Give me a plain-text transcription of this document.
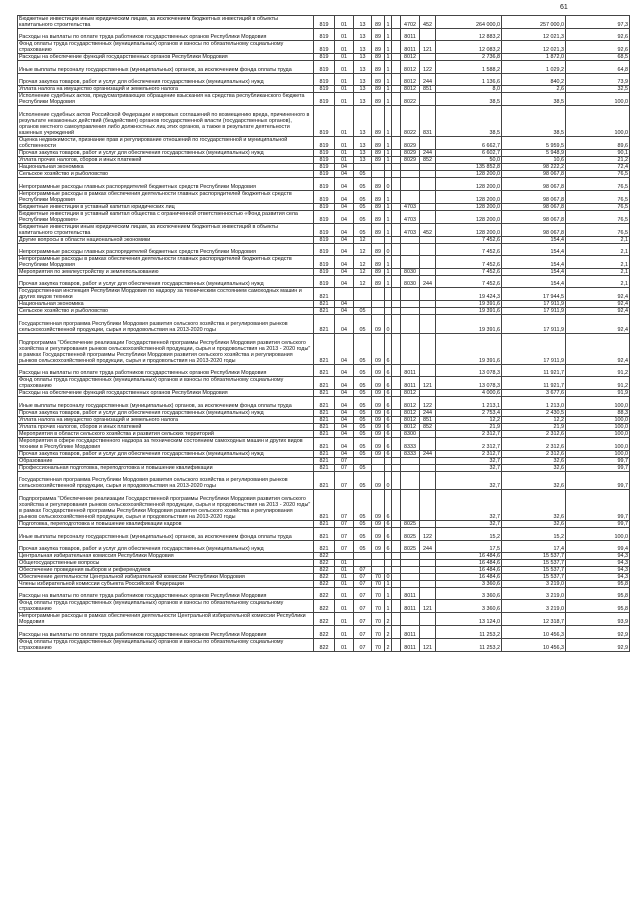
61
Бюджетные инвестиции иным юридическим лицам, за исключением бюджетных инвестиций в объекты капитального строительства	819	01	13	89	1		4702	452	264 000,0	257 000,0	97,3
Расходы на выплаты по оплате труда работников государственных органов Республики Мордовия	819	01	13	89	1		8011		12 883,2	12 021,3	92,6
Фонд оплаты труда государственных (муниципальных) органов и взносы по обязательному социальному страхованию	819	01	13	89	1		8011	121	12 083,2	12 021,3	92,6
Расходы на обеспечение функций государственных органов Республики Мордовия	819	01	13	89	1		8012		2 736,8	1 872,0	68,5
Иные выплаты персоналу государственных (муниципальных) органов, за исключением фонда оплаты труда	819	01	13	89	1		8012	122	1 588,2	1 029,2	64,8
Прочая закупка товаров, работ и услуг для обеспечения государственных (муниципальных) нужд	819	01	13	89	1		8012	244	1 136,6	840,2	73,9
Уплата налога на имущество организаций и земельного налога	819	01	13	89	1		8012	851	8,0	2,6	32,5
Исполнение судебных актов, предусматривающих обращение взыскания на средства республиканского бюджета Республики Мордовия	819	01	13	89	1		8022		38,5	38,5	100,0
Исполнение судебных актов Российской Федерации и мировых соглашений по возмещению вреда, причиненного в результате незаконных действий (бездействия) органов государственной власти (государственных органов), органов местного самоуправления либо должностных лиц этих органов, а также в результате деятельности казенных учреждений	819	01	13	89	1		8022	831	38,5	38,5	100,0
Оценка недвижимости, признание прав и регулирование отношений по государственной и муниципальной собственности	819	01	13	89	1		8029		6 662,7	5 959,5	89,6
Прочая закупка товаров, работ и услуг для обеспечения государственных (муниципальных) нужд	819	01	13	89	1		8029	244	6 602,7	5 948,9	90,1
Уплата прочих налогов, сборов и иных платежей	819	01	13	89	1		8029	852	50,0	10,6	21,2
Национальная экономика	819	04							135 852,8	98 222,2	72,4
Сельское хозяйство и рыболовство	819	04	05						128 200,0	98 067,8	76,5
Непрограммные расходы главных распорядителей бюджетных средств Республики Мордовия	819	04	05	89	0				128 200,0	98 067,8	76,5
Непрограммные расходы в рамках обеспечения деятельности главных распорядителей бюджетных средств Республики Мордовия	819	04	05	89	1				128 200,0	98 067,8	76,5
Бюджетные инвестиции в уставный капитал юридических лиц	819	04	05	89	1		4703		128 200,0	98 067,8	76,5
Бюджетные инвестиции в уставный капитал общества с ограниченной ответственностью «Фонд развития села Республики Мордовия»	819	04	05	89	1		4703		128 200,0	98 067,8	76,5
Бюджетные инвестиции иным юридическим лицам, за исключением бюджетных инвестиций в объекты капитального строительства	819	04	05	89	1		4703	452	128 200,0	98 067,8	76,5
Другие вопросы в области национальной экономики	819	04	12						7 452,6	154,4	2,1
Непрограммные расходы главных распорядителей бюджетных средств Республики Мордовия	819	04	12	89	0				7 452,6	154,4	2,1
Непрограммные расходы в рамках обеспечения деятельности главных распорядителей бюджетных средств Республики Мордовия	819	04	12	89	1				7 452,6	154,4	2,1
Мероприятия по землеустройству и землепользованию	819	04	12	89	1		8030		7 452,6	154,4	2,1
Прочая закупка товаров, работ и услуг для обеспечения государственных (муниципальных) нужд	819	04	12	89	1		8030	244	7 452,6	154,4	2,1
Государственная инспекция Республики Мордовия по надзору за техническим состоянием самоходных машин и других видов техники	821								19 424,3	17 944,5	92,4
Национальная экономика	821	04							19 391,6	17 911,9	92,4
Сельское хозяйство и рыболовство	821	04	05						19 391,6	17 911,9	92,4
Государственная программа Республики Мордовия развития сельского хозяйства и регулирования рынков сельскохозяйственной продукции, сырья и продовольствия на 2013-2020 годы	821	04	05	09	0				19 391,6	17 911,9	92,4
Подпрограмма "Обеспечение реализации Государственной программы Республики Мордовия развития сельского хозяйства и регулирования рынков сельскохозяйственной продукции, сырья и продовольствия на 2013 - 2020 годы" в рамках Государственной программы Республики Мордовия развития сельского хозяйства и регулирования рынков сельскохозяйственной продукции, сырья и продовольствия на 2013-2020 годы	821	04	05	09	6				19 391,6	17 911,9	92,4
Расходы на выплаты по оплате труда работников государственных органов Республики Мордовия	821	04	05	09	6		8011		13 078,3	11 921,7	91,2
Фонд оплаты труда государственных (муниципальных) органов и взносы по обязательному социальному страхованию	821	04	05	09	6		8011	121	13 078,3	11 921,7	91,2
Расходы на обеспечение функций государственных органов Республики Мордовия	821	04	05	09	6		8012		4 000,6	3 677,6	91,9
Иные выплаты персоналу государственных (муниципальных) органов, за исключением фонда оплаты труда	821	04	05	09	6		8012	122	1 213,1	1 213,0	100,0
Прочая закупка товаров, работ и услуг для обеспечения государственных (муниципальных) нужд	821	04	05	09	6		8012	244	2 753,4	2 430,5	88,3
Уплата налога на имущество организаций и земельного налога	821	04	05	09	6		8012	851	12,2	12,2	100,0
Уплата прочих налогов, сборов и иных платежей	821	04	05	09	6		8012	852	21,9	21,9	100,0
Мероприятия в области сельского хозяйства и развития сельских территорий	821	04	05	09	6		8300		2 312,7	2 312,6	100,0
Мероприятия в сфере государственного надзора за техническим состоянием самоходных машин и других видов техники в Республике Мордовия	821	04	05	09	6		8333		2 312,7	2 312,6	100,0
Прочая закупка товаров, работ и услуг для обеспечения государственных (муниципальных) нужд	821	04	05	09	6		8333	244	2 312,7	2 312,6	100,0
Образование	821	07							32,7	32,6	99,7
Профессиональная подготовка, переподготовка и повышение квалификации	821	07	05						32,7	32,6	99,7
Государственная программа Республики Мордовия развития сельского хозяйства и регулирования рынков сельскохозяйственной продукции, сырья и продовольствия на 2013-2020 годы	821	07	05	09	0				32,7	32,6	99,7
Подпрограмма "Обеспечение реализации Государственной программы Республики Мордовия развития сельского хозяйства и регулирования рынков сельскохозяйственной продукции, сырья и продовольствия на 2013 - 2020 годы" в рамках Государственной программы Республики Мордовия развития сельского хозяйства и регулирования рынков сельскохозяйственной продукции, сырья и продовольствия на 2013-2020 годы	821	07	05	09	6				32,7	32,6	99,7
Подготовка, переподготовка и повышение квалификации кадров	821	07	05	09	6		8025		32,7	32,6	99,7
Иные выплаты персоналу государственных (муниципальных) органов, за исключением фонда оплаты труда	821	07	05	09	6		8025	122	15,2	15,2	100,0
Прочая закупка товаров, работ и услуг для обеспечения государственных (муниципальных) нужд	821	07	05	09	6		8025	244	17,5	17,4	99,4
Центральная избирательная комиссия Республики Мордовия	822								16 484,6	15 537,7	94,3
Общегосударственные вопросы	822	01							16 484,6	15 537,7	94,3
Обеспечение проведения выборов и референдумов	822	01	07						16 484,6	15 537,7	94,3
Обеспечение деятельности Центральной избирательной комиссии Республики Мордовия	822	01	07	70	0				16 484,6	15 537,7	94,3
Члены избирательной комиссии субъекта Российской Федерации	822	01	07	70	1				3 360,6	3 219,0	95,8
Расходы на выплаты по оплате труда работников государственных органов Республики Мордовия	822	01	07	70	1		8011		3 360,6	3 219,0	95,8
Фонд оплаты труда государственных (муниципальных) органов и взносы по обязательному социальному страхованию	822	01	07	70	1		8011	121	3 360,6	3 219,0	95,8
Непрограммные расходы в рамках обеспечения деятельности Центральной избирательной комиссии Республики Мордовия	822	01	07	70	2				13 124,0	12 318,7	93,9
Расходы на выплаты по оплате труда работников государственных органов Республики Мордовия	822	01	07	70	2		8011		11 253,2	10 456,3	92,9
Фонд оплаты труда государственных (муниципальных) органов и взносы по обязательному социальному страхованию	822	01	07	70	2		8011	121	11 253,2	10 456,3	92,9
